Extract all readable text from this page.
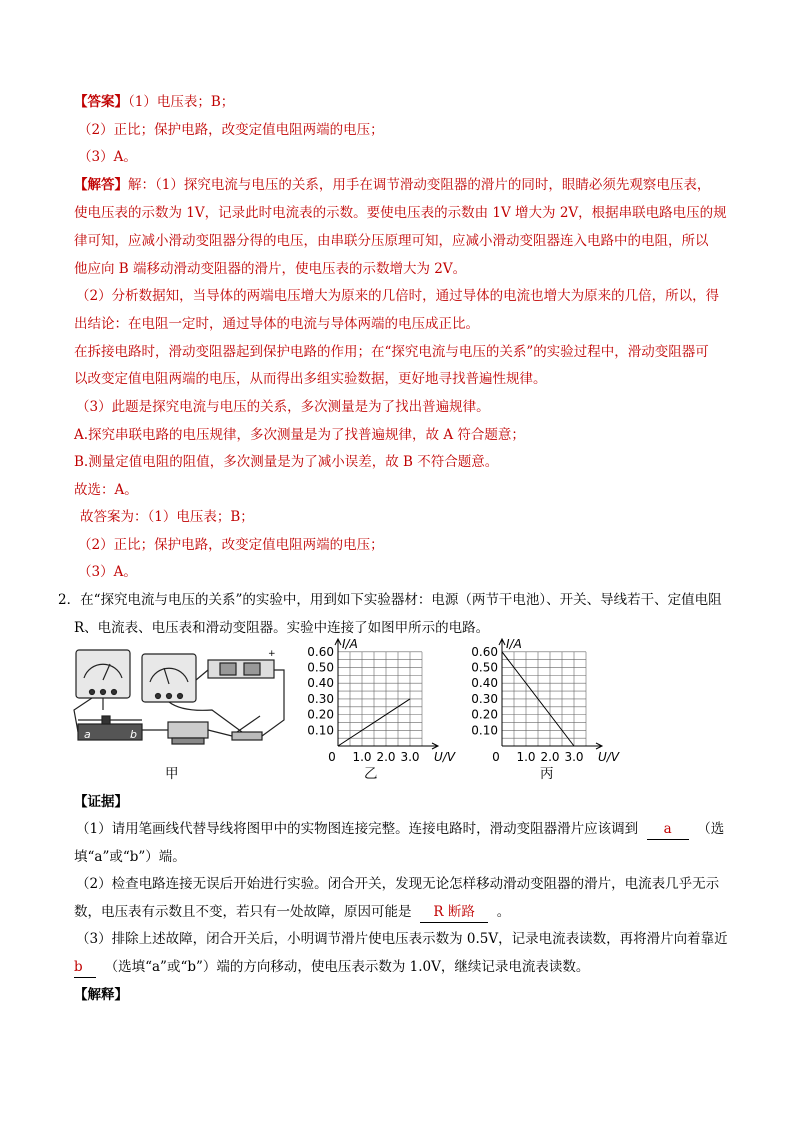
【答案】（1）电压表；B；
（2）正比；保护电路，改变定值电阻两端的电压；
（3）A。
【解答】解：（1）探究电流与电压的关系，用手在调节滑动变阻器的滑片的同时，眼睛必须先观察电压表，
使电压表的示数为 1V，记录此时电流表的示数。要使电压表的示数由 1V 增大为 2V，根据串联电路电压的规
律可知，应减小滑动变阻器分得的电压，由串联分压原理可知，应减小滑动变阻器连入电路中的电阻，所以
他应向 B 端移动滑动变阻器的滑片，使电压表的示数增大为 2V。
（2）分析数据知，当导体的两端电压增大为原来的几倍时，通过导体的电流也增大为原来的几倍，所以，得
出结论：在电阻一定时，通过导体的电流与导体两端的电压成正比。
在拆接电路时，滑动变阻器起到保护电路的作用；在“探究电流与电压的关系”的实验过程中，滑动变阻器可
以改变定值电阻两端的电压，从而得出多组实验数据，更好地寻找普遍性规律。
（3）此题是探究电流与电压的关系，多次测量是为了找出普遍规律。
A.探究串联电路的电压规律，多次测量是为了找普遍规律，故 A 符合题意；
B.测量定值电阻的阻值，多次测量是为了减小误差，故 B 不符合题意。
故选：A。
故答案为：（1）电压表；B；
（2）正比；保护电路，改变定值电阻两端的电压；
（3）A。
2．在“探究电流与电压的关系”的实验中，用到如下实验器材：电源（两节干电池）、开关、导线若干、定值电阻
R、电流表、电压表和滑动变阻器。实验中连接了如图甲所示的电路。
a	b
+
甲
0.10
0.20
0.30
0.40
0.50
0.60
0 1.0 2.0 3.0
I/A
U/V
乙
0.10
0.20
0.30
0.40
0.50
0.60
0 1.0 2.0 3.0
I/A
U/V
丙
【证据】
（1）请用笔画线代替导线将图甲中的实物图连接完整。连接电路时，滑动变阻器滑片应该调到 a （选
填“a”或“b”）端。
（2）检查电路连接无误后开始进行实验。闭合开关，发现无论怎样移动滑动变阻器的滑片，电流表几乎无示
数，电压表有示数且不变，若只有一处故障，原因可能是 R 断路 。
（3）排除上述故障，闭合开关后，小明调节滑片使电压表示数为 0.5V，记录电流表读数，再将滑片向着靠近
b （选填“a”或“b”）端的方向移动，使电压表示数为 1.0V，继续记录电流表读数。
【解释】
